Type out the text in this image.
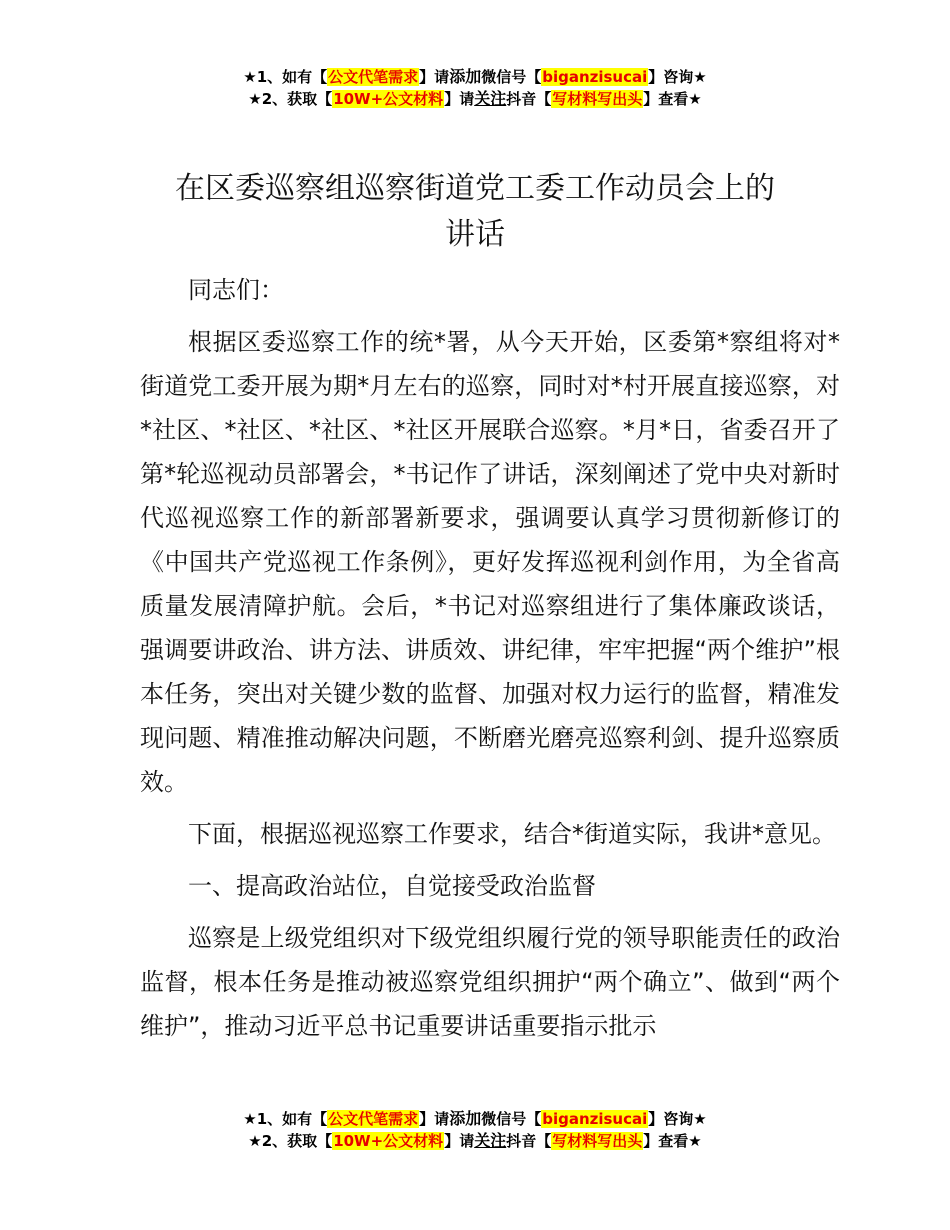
★1、如有【公文代笔需求】请添加微信号【biganzisucai】咨询★
★2、获取【10W+公文材料】请关注抖音【写材料写出头】查看★
在区委巡察组巡察街道党工委工作动员会上的
讲话

同志们：

根据区委巡察工作的统*署，从今天开始，区委第*察组将对*街道党工委开展为期*月左右的巡察，同时对*村开展直接巡察，对*社区、*社区、*社区、*社区开展联合巡察。*月*日，省委召开了第*轮巡视动员部署会，*书记作了讲话，深刻阐述了党中央对新时代巡视巡察工作的新部署新要求，强调要认真学习贯彻新修订的《中国共产党巡视工作条例》，更好发挥巡视利剑作用，为全省高质量发展清障护航。会后，*书记对巡察组进行了集体廉政谈话，强调要讲政治、讲方法、讲质效、讲纪律，牢牢把握“两个维护”根本任务，突出对关键少数的监督、加强对权力运行的监督，精准发现问题、精准推动解决问题，不断磨光磨亮巡察利剑、提升巡察质效。

下面，根据巡视巡察工作要求，结合*街道实际，我讲*意见。

一、提高政治站位，自觉接受政治监督

巡察是上级党组织对下级党组织履行党的领导职能责任的政治监督，根本任务是推动被巡察党组织拥护“两个确立”、做到“两个维护”，推动习近平总书记重要讲话重要指示批示

★1、如有【公文代笔需求】请添加微信号【biganzisucai】咨询★
★2、获取【10W+公文材料】请关注抖音【写材料写出头】查看★
